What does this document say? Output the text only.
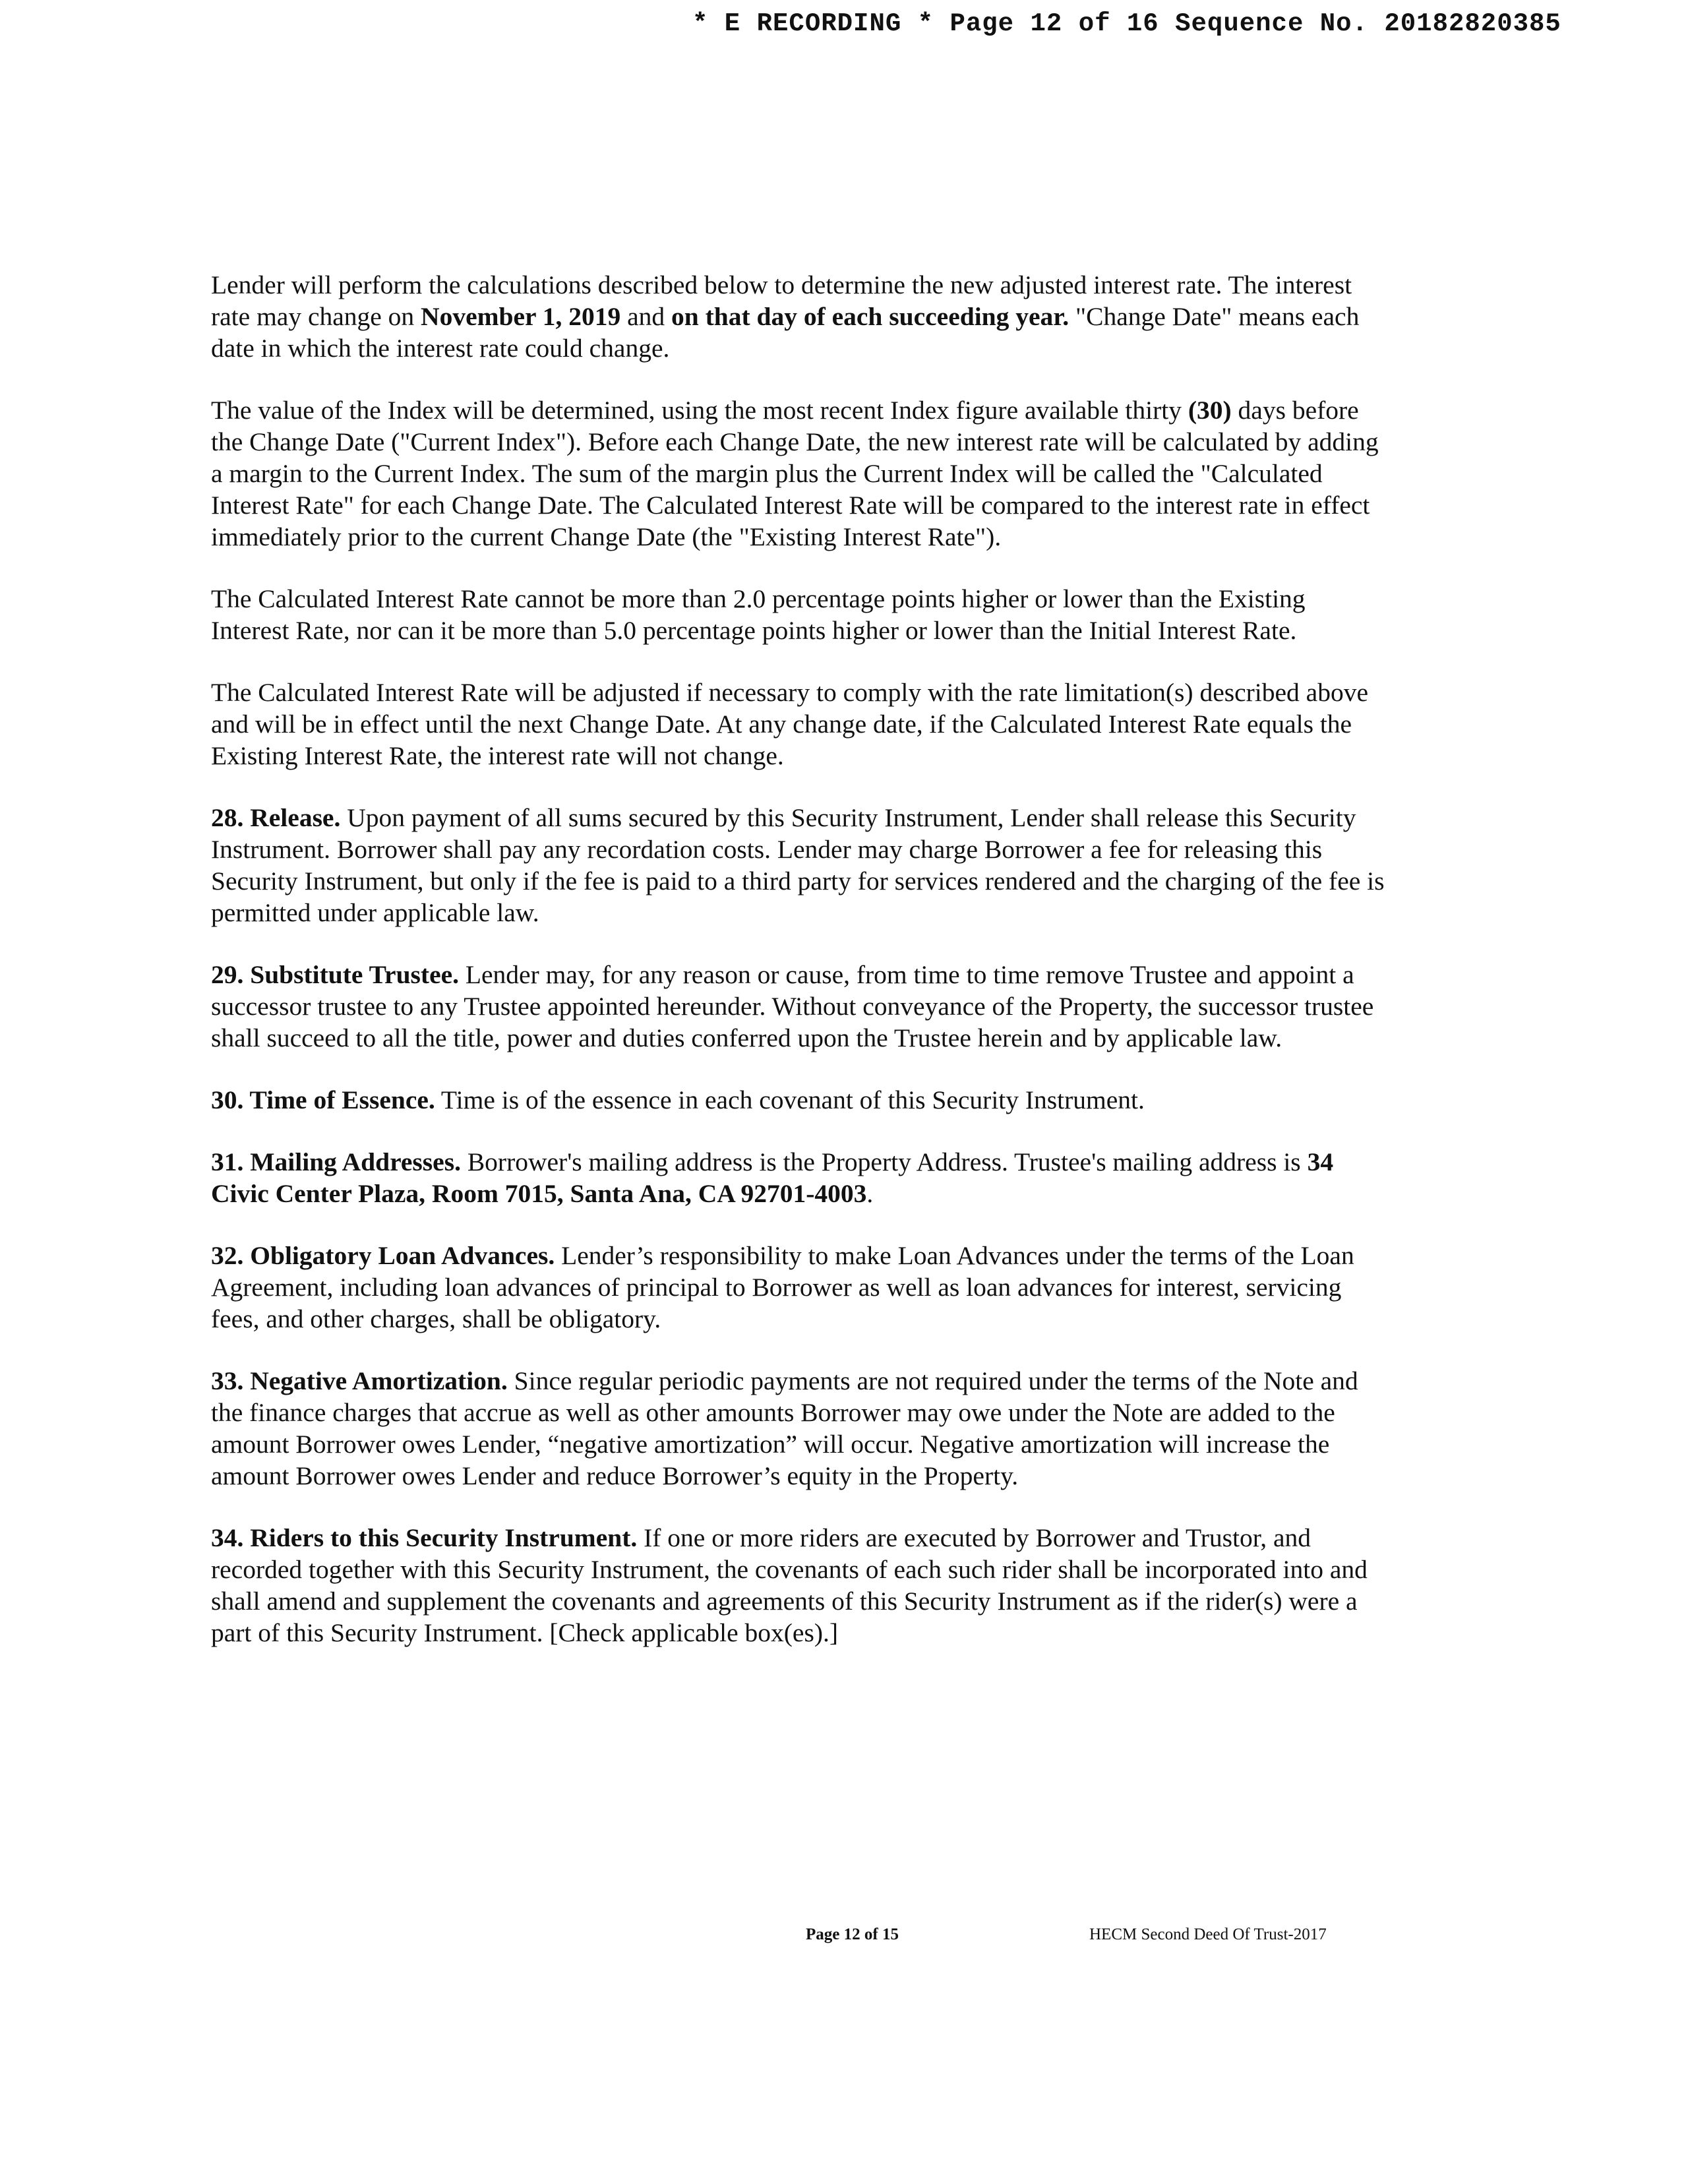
* E RECORDING * Page 12 of 16 Sequence No. 20182820385

Lender will perform the calculations described below to determine the new adjusted interest rate. The interest rate may change on November 1, 2019 and on that day of each succeeding year. "Change Date" means each date in which the interest rate could change.

The value of the Index will be determined, using the most recent Index figure available thirty (30) days before the Change Date ("Current Index"). Before each Change Date, the new interest rate will be calculated by adding a margin to the Current Index. The sum of the margin plus the Current Index will be called the "Calculated Interest Rate" for each Change Date. The Calculated Interest Rate will be compared to the interest rate in effect immediately prior to the current Change Date (the "Existing Interest Rate").

The Calculated Interest Rate cannot be more than 2.0 percentage points higher or lower than the Existing Interest Rate, nor can it be more than 5.0 percentage points higher or lower than the Initial Interest Rate.

The Calculated Interest Rate will be adjusted if necessary to comply with the rate limitation(s) described above and will be in effect until the next Change Date. At any change date, if the Calculated Interest Rate equals the Existing Interest Rate, the interest rate will not change.

28. Release. Upon payment of all sums secured by this Security Instrument, Lender shall release this Security Instrument. Borrower shall pay any recordation costs. Lender may charge Borrower a fee for releasing this Security Instrument, but only if the fee is paid to a third party for services rendered and the charging of the fee is permitted under applicable law.

29. Substitute Trustee. Lender may, for any reason or cause, from time to time remove Trustee and appoint a successor trustee to any Trustee appointed hereunder. Without conveyance of the Property, the successor trustee shall succeed to all the title, power and duties conferred upon the Trustee herein and by applicable law.

30. Time of Essence. Time is of the essence in each covenant of this Security Instrument.

31. Mailing Addresses. Borrower's mailing address is the Property Address. Trustee's mailing address is 34 Civic Center Plaza, Room 7015, Santa Ana, CA 92701-4003.

32. Obligatory Loan Advances. Lender’s responsibility to make Loan Advances under the terms of the Loan Agreement, including loan advances of principal to Borrower as well as loan advances for interest, servicing fees, and other charges, shall be obligatory.

33. Negative Amortization. Since regular periodic payments are not required under the terms of the Note and the finance charges that accrue as well as other amounts Borrower may owe under the Note are added to the amount Borrower owes Lender, “negative amortization” will occur. Negative amortization will increase the amount Borrower owes Lender and reduce Borrower’s equity in the Property.

34. Riders to this Security Instrument. If one or more riders are executed by Borrower and Trustor, and recorded together with this Security Instrument, the covenants of each such rider shall be incorporated into and shall amend and supplement the covenants and agreements of this Security Instrument as if the rider(s) were a part of this Security Instrument. [Check applicable box(es).]

Page 12 of 15	HECM Second Deed Of Trust-2017
